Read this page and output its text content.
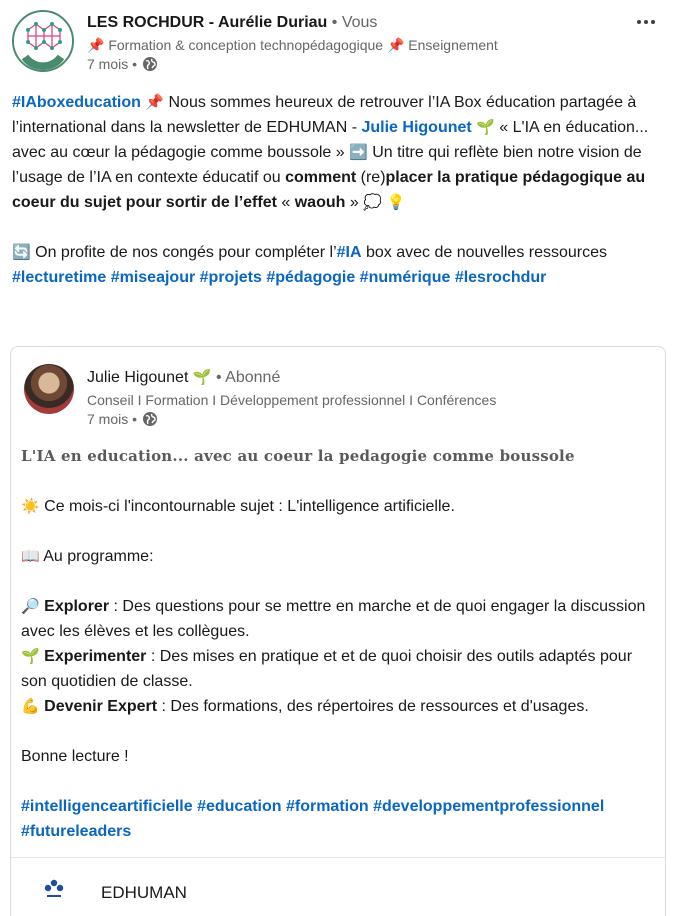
LES ROCHDUR - Aurélie Duriau • Vous
📌 Formation & conception technopédagogique 📌 Enseignement
7 mois •

#IAboxeducation 📌 Nous sommes heureux de retrouver l’IA Box éducation partagée à l’international dans la newsletter de EDHUMAN - Julie Higounet 🌱 « L'IA en éducation... avec au cœur la pédagogie comme boussole » ➡️ Un titre qui reflète bien notre vision de l’usage de l’IA en contexte éducatif ou comment (re)placer la pratique pédagogique au coeur du sujet pour sortir de l’effet « waouh » 💭 💡

🔄 On profite de nos congés pour compléter l’#IA box avec de nouvelles ressources #lecturetime #miseajour #projets #pédagogie #numérique #lesrochdur

Julie Higounet 🌱 • Abonné
Conseil I Formation I Développement professionnel I Conférences
7 mois •

L'IA en education... avec au coeur la pedagogie comme boussole

☀️ Ce mois-ci l'incontournable sujet : L'intelligence artificielle.

📖 Au programme:

🔎 Explorer : Des questions pour se mettre en marche et de quoi engager la discussion avec les élèves et les collègues.

🌱 Experimenter : Des mises en pratique et et de quoi choisir des outils adaptés pour son quotidien de classe.

💪 Devenir Expert : Des formations, des répertoires de ressources et d'usages.

Bonne lecture !

#intelligenceartificielle #education #formation #developpementprofessionnel #futureleaders

EDHUMAN
